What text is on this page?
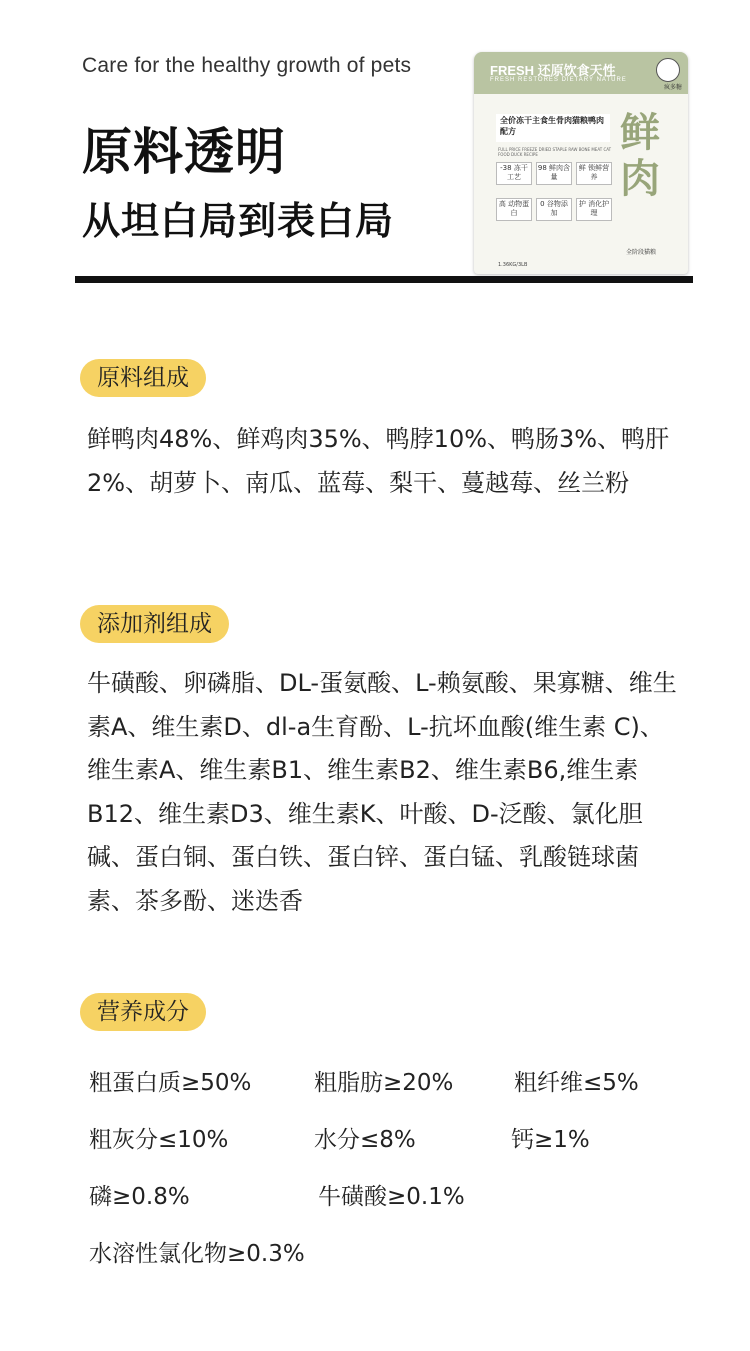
Care for the healthy growth of pets
原料透明
从坦白局到表白局
FRESH 还原饮食天性
FRESH RESTORES DIETARY NATURE
疯多糖
全价冻干主食生骨肉猫粮鸭肉配方
FULL PRICE FREEZE DRIED STAPLE RAW BONE MEAT CAT FOOD DUCK RECIPE	鲜肉
-38 冻干工艺
98 鲜肉含量
鲜 锁鲜营养
高 动物蛋白
0 谷物添加
护 消化护理
全阶段猫粮
1.36KG/3LB
原料组成
鲜鸭肉48%、鲜鸡肉35%、鸭脖10%、鸭肠3%、鸭肝2%、胡萝卜、南瓜、蓝莓、梨干、蔓越莓、丝兰粉
添加剂组成
牛磺酸、卵磷脂、DL-蛋氨酸、L-赖氨酸、果寡糖、维生素A、维生素D、dl-a生育酚、L-抗坏血酸(维生素 C)、维生素A、维生素B1、维生素B2、维生素B6,维生素B12、维生素D3、维生素K、叶酸、D-泛酸、氯化胆碱、蛋白铜、蛋白铁、蛋白锌、蛋白锰、乳酸链球菌素、茶多酚、迷迭香
营养成分
粗蛋白质≥50%	粗脂肪≥20%	粗纤维≤5%
粗灰分≤10%	水分≤8%	钙≥1%
磷≥0.8%	牛磺酸≥0.1%
水溶性氯化物≥0.3%
